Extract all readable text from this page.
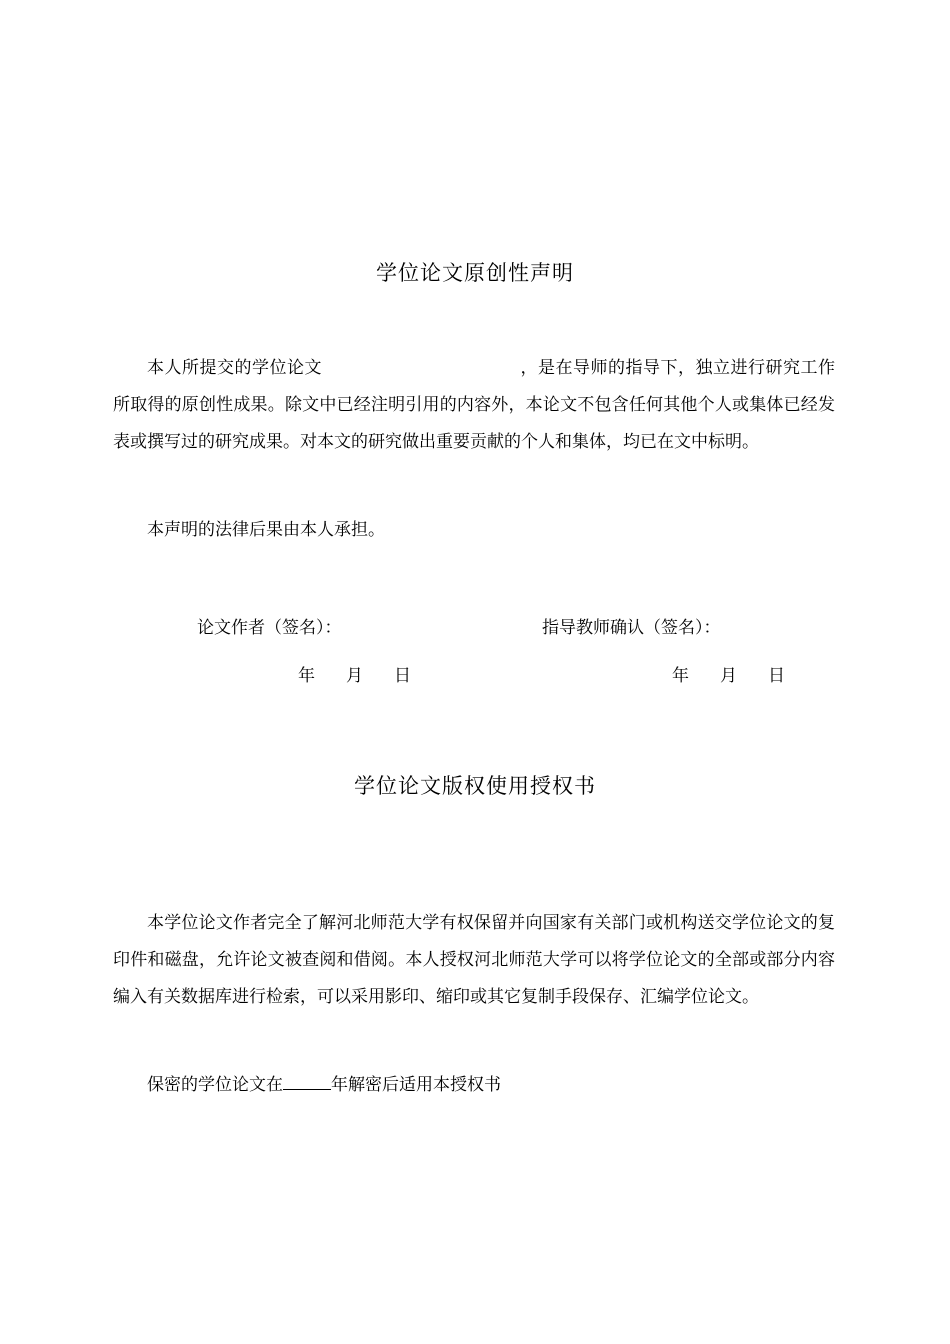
学位论文原创性声明

本人所提交的学位论文	，是在导师的指导下，独立进行研究工作所取得的原创性成果。除文中已经注明引用的内容外，本论文不包含任何其他个人或集体已经发表或撰写过的研究成果。对本文的研究做出重要贡献的个人和集体，均已在文中标明。

本声明的法律后果由本人承担。

论文作者（签名）：	指导教师确认（签名）：
年 月 日	年 月 日
学位论文版权使用授权书

本学位论文作者完全了解河北师范大学有权保留并向国家有关部门或机构送交学位论文的复印件和磁盘，允许论文被查阅和借阅。本人授权河北师范大学可以将学位论文的全部或部分内容编入有关数据库进行检索，可以采用影印、缩印或其它复制手段保存、汇编学位论文。

保密的学位论文在	年解密后适用本授权书
